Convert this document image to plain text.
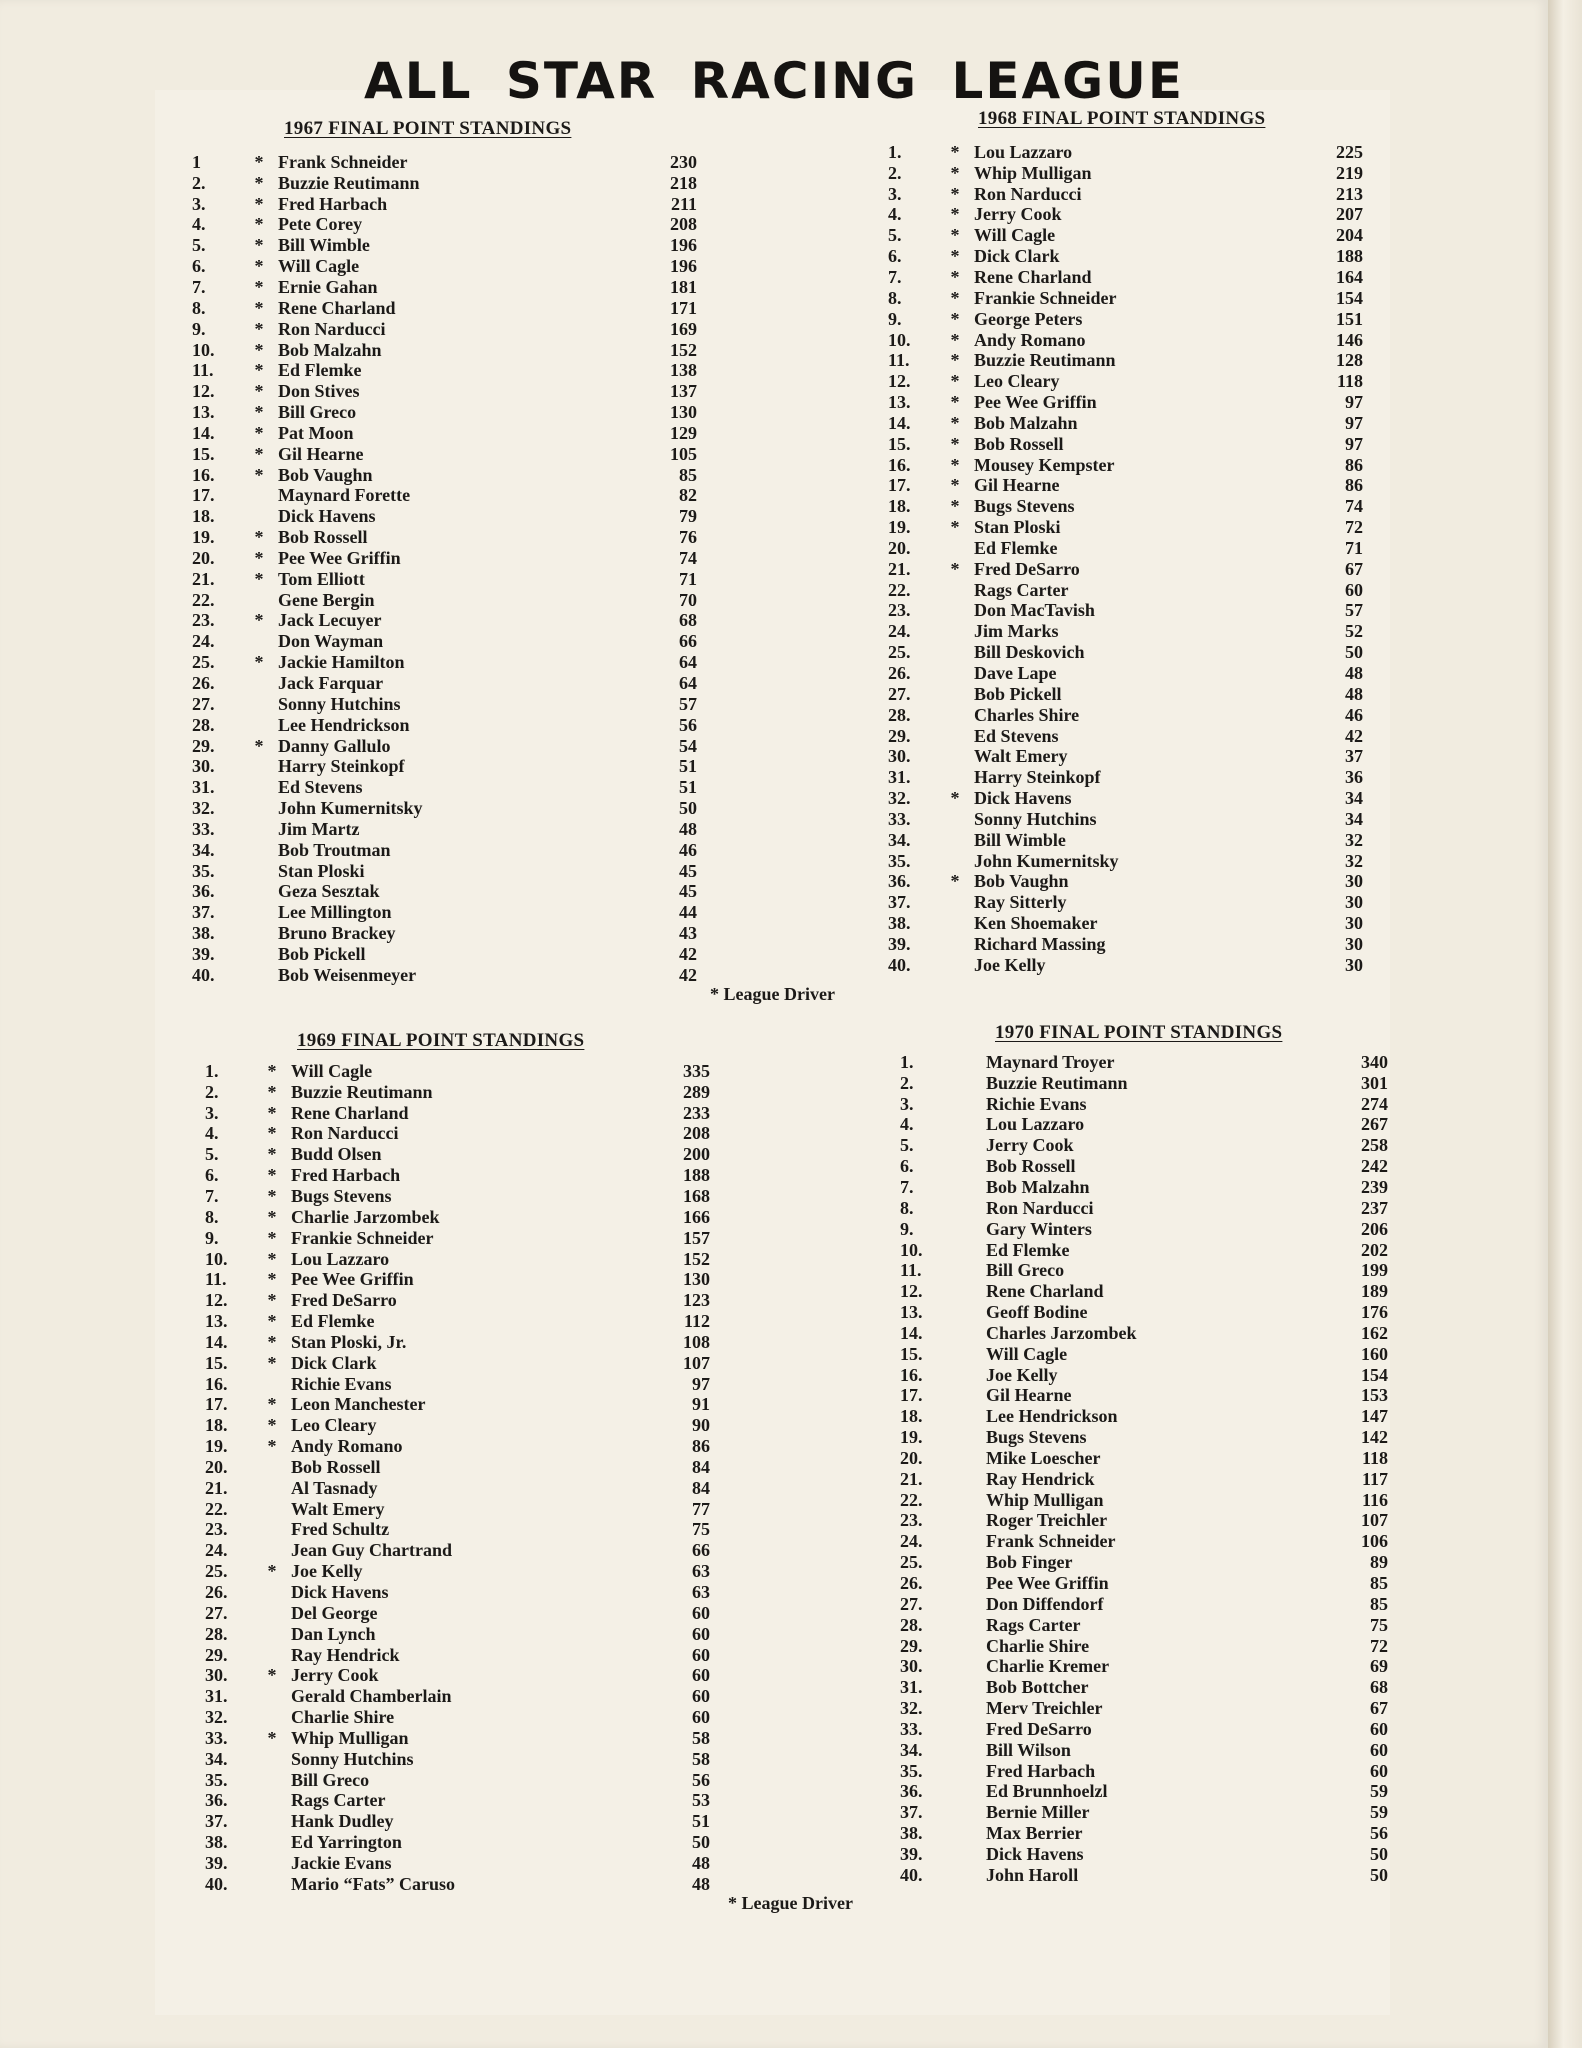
ALL STAR RACING LEAGUE
1967 FINAL POINT STANDINGS
1	* Frank Schneider	230
2.	* Buzzie Reutimann	218
3.	* Fred Harbach	211
4.	* Pete Corey	208
5.	* Bill Wimble	196
6.	* Will Cagle	196
7.	* Ernie Gahan	181
8.	* Rene Charland	171
9.	* Ron Narducci	169
10.	* Bob Malzahn	152
11.	* Ed Flemke	138
12.	* Don Stives	137
13.	* Bill Greco	130
14.	* Pat Moon	129
15.	* Gil Hearne	105
16.	* Bob Vaughn	85
17.	Maynard Forette	82
18.	Dick Havens	79
19.	* Bob Rossell	76
20.	* Pee Wee Griffin	74
21.	* Tom Elliott	71
22.	Gene Bergin	70
23.	* Jack Lecuyer	68
24.	Don Wayman	66
25.	* Jackie Hamilton	64
26.	Jack Farquar	64
27.	Sonny Hutchins	57
28.	Lee Hendrickson	56
29.	* Danny Gallulo	54
30.	Harry Steinkopf	51
31.	Ed Stevens	51
32.	John Kumernitsky	50
33.	Jim Martz	48
34.	Bob Troutman	46
35.	Stan Ploski	45
36.	Geza Sesztak	45
37.	Lee Millington	44
38.	Bruno Brackey	43
39.	Bob Pickell	42
40.	Bob Weisenmeyer	42
1968 FINAL POINT STANDINGS
1.	* Lou Lazzaro	225
2.	* Whip Mulligan	219
3.	* Ron Narducci	213
4.	* Jerry Cook	207
5.	* Will Cagle	204
6.	* Dick Clark	188
7.	* Rene Charland	164
8.	* Frankie Schneider	154
9.	* George Peters	151
10.	* Andy Romano	146
11.	* Buzzie Reutimann	128
12.	* Leo Cleary	118
13.	* Pee Wee Griffin	97
14.	* Bob Malzahn	97
15.	* Bob Rossell	97
16.	* Mousey Kempster	86
17.	* Gil Hearne	86
18.	* Bugs Stevens	74
19.	* Stan Ploski	72
20.	Ed Flemke	71
21.	* Fred DeSarro	67
22.	Rags Carter	60
23.	Don MacTavish	57
24.	Jim Marks	52
25.	Bill Deskovich	50
26.	Dave Lape	48
27.	Bob Pickell	48
28.	Charles Shire	46
29.	Ed Stevens	42
30.	Walt Emery	37
31.	Harry Steinkopf	36
32.	* Dick Havens	34
33.	Sonny Hutchins	34
34.	Bill Wimble	32
35.	John Kumernitsky	32
36.	* Bob Vaughn	30
37.	Ray Sitterly	30
38.	Ken Shoemaker	30
39.	Richard Massing	30
40.	Joe Kelly	30
* League Driver
1969 FINAL POINT STANDINGS
1.	* Will Cagle	335
2.	* Buzzie Reutimann	289
3.	* Rene Charland	233
4.	* Ron Narducci	208
5.	* Budd Olsen	200
6.	* Fred Harbach	188
7.	* Bugs Stevens	168
8.	* Charlie Jarzombek	166
9.	* Frankie Schneider	157
10.	* Lou Lazzaro	152
11.	* Pee Wee Griffin	130
12.	* Fred DeSarro	123
13.	* Ed Flemke	112
14.	* Stan Ploski, Jr.	108
15.	* Dick Clark	107
16.	Richie Evans	97
17.	* Leon Manchester	91
18.	* Leo Cleary	90
19.	* Andy Romano	86
20.	Bob Rossell	84
21.	Al Tasnady	84
22.	Walt Emery	77
23.	Fred Schultz	75
24.	Jean Guy Chartrand	66
25.	* Joe Kelly	63
26.	Dick Havens	63
27.	Del George	60
28.	Dan Lynch	60
29.	Ray Hendrick	60
30.	* Jerry Cook	60
31.	Gerald Chamberlain	60
32.	Charlie Shire	60
33.	* Whip Mulligan	58
34.	Sonny Hutchins	58
35.	Bill Greco	56
36.	Rags Carter	53
37.	Hank Dudley	51
38.	Ed Yarrington	50
39.	Jackie Evans	48
40.	Mario “Fats” Caruso	48
1970 FINAL POINT STANDINGS
1.	Maynard Troyer	340
2.	Buzzie Reutimann	301
3.	Richie Evans	274
4.	Lou Lazzaro	267
5.	Jerry Cook	258
6.	Bob Rossell	242
7.	Bob Malzahn	239
8.	Ron Narducci	237
9.	Gary Winters	206
10.	Ed Flemke	202
11.	Bill Greco	199
12.	Rene Charland	189
13.	Geoff Bodine	176
14.	Charles Jarzombek	162
15.	Will Cagle	160
16.	Joe Kelly	154
17.	Gil Hearne	153
18.	Lee Hendrickson	147
19.	Bugs Stevens	142
20.	Mike Loescher	118
21.	Ray Hendrick	117
22.	Whip Mulligan	116
23.	Roger Treichler	107
24.	Frank Schneider	106
25.	Bob Finger	89
26.	Pee Wee Griffin	85
27.	Don Diffendorf	85
28.	Rags Carter	75
29.	Charlie Shire	72
30.	Charlie Kremer	69
31.	Bob Bottcher	68
32.	Merv Treichler	67
33.	Fred DeSarro	60
34.	Bill Wilson	60
35.	Fred Harbach	60
36.	Ed Brunnhoelzl	59
37.	Bernie Miller	59
38.	Max Berrier	56
39.	Dick Havens	50
40.	John Haroll	50
* League Driver
